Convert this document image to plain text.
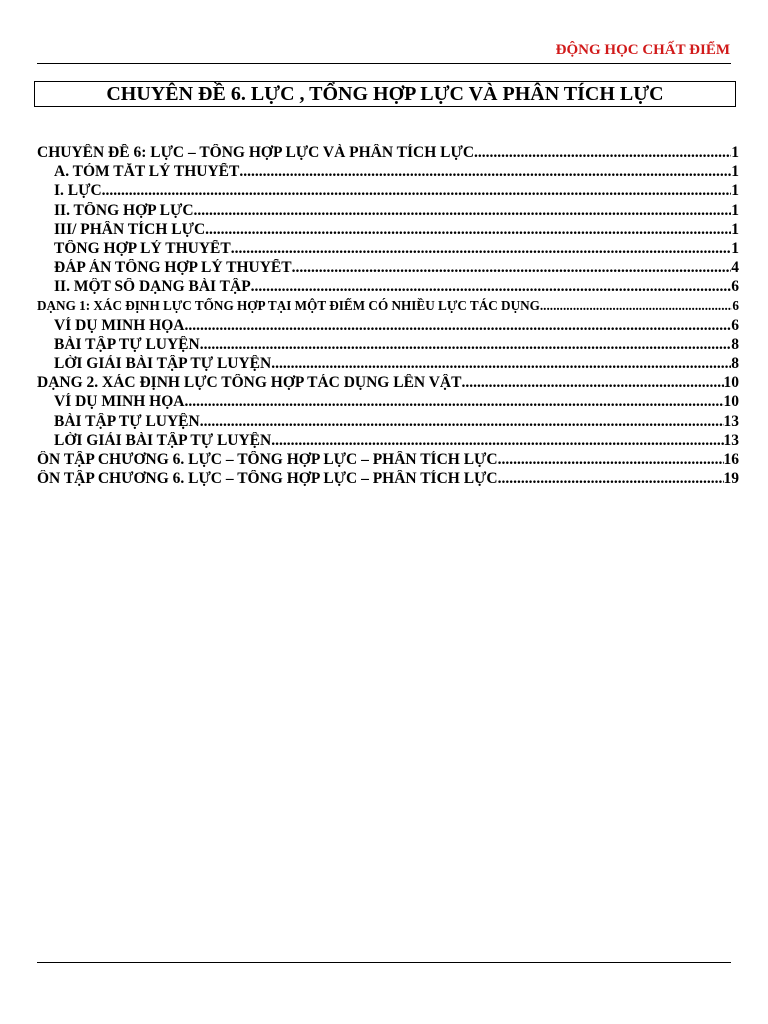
ĐỘNG HỌC CHẤT ĐIỂM
CHUYÊN ĐỀ 6. LỰC , TỔNG HỢP LỰC VÀ PHÂN TÍCH LỰC
CHUYÊN ĐỀ 6: LỰC – TỔNG HỢP LỰC VÀ PHÂN TÍCH LỰC .....	1
A. TÓM TẮT LÝ THUYẾT .....	1
I. LỰC .....	1
II. TỔNG HỢP LỰC .....	1
III/ PHÂN TÍCH LỰC .....	1
TỔNG HỢP LÝ THUYẾT .....	1
ĐÁP ÁN TỔNG HỢP LÝ THUYẾT .....	4
II. MỘT SỐ DẠNG BÀI TẬP .....	6
DẠNG 1: XÁC ĐỊNH LỰC TỔNG HỢP TẠI MỘT ĐIỂM CÓ NHIỀU LỰC TÁC DỤNG .....	6
VÍ DỤ MINH HỌA .....	6
BÀI TẬP TỰ LUYỆN .....	8
LỜI GIẢI BÀI TẬP TỰ LUYỆN .....	8
DẠNG 2. XÁC ĐỊNH LỰC TỔNG HỢP TÁC DỤNG LÊN VẬT .....	10
VÍ DỤ MINH HỌA .....	10
BÀI TẬP TỰ LUYỆN .....	13
LỜI GIẢI BÀI TẬP TỰ LUYỆN .....	13
ÔN TẬP CHƯƠNG 6. LỰC – TỔNG HỢP LỰC – PHÂN TÍCH LỰC .....	16
ÔN TẬP CHƯƠNG 6. LỰC – TỔNG HỢP LỰC – PHÂN TÍCH LỰC .....	19
